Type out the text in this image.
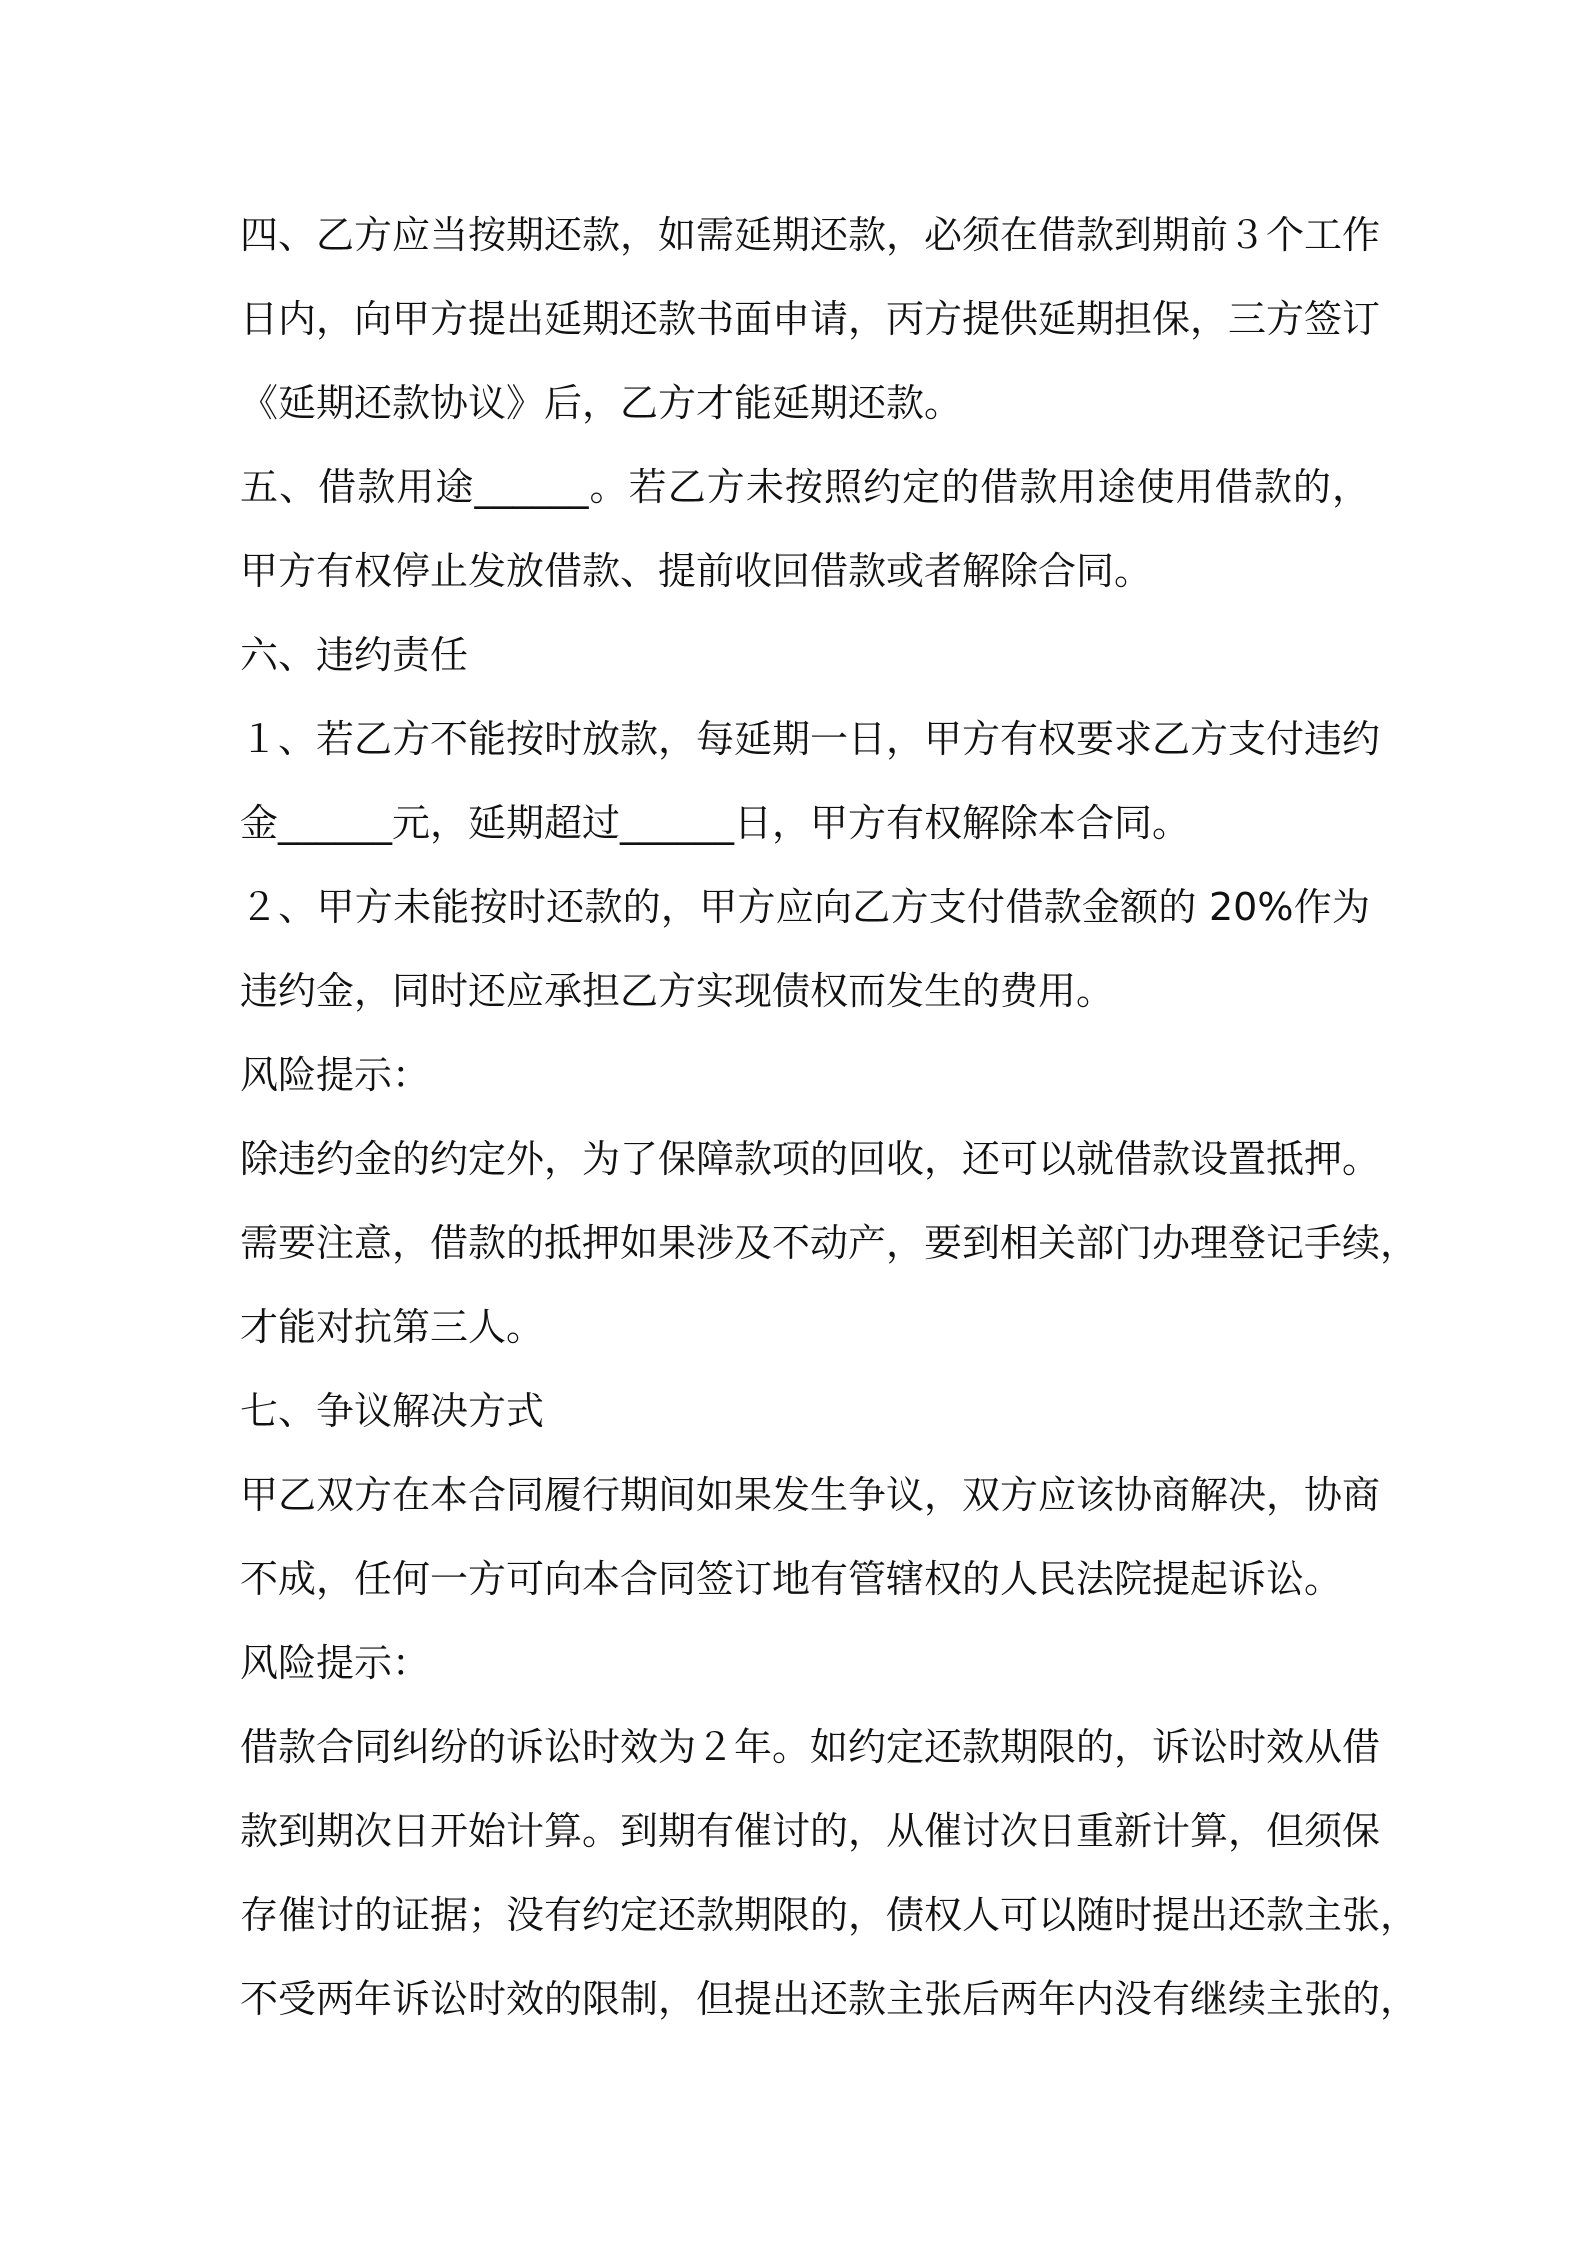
四、乙方应当按期还款，如需延期还款，必须在借款到期前３个工作
日内，向甲方提出延期还款书面申请，丙方提供延期担保，三方签订
《延期还款协议》后，乙方才能延期还款。
五、借款用途______。若乙方未按照约定的借款用途使用借款的，
甲方有权停止发放借款、提前收回借款或者解除合同。
六、违约责任
１、若乙方不能按时放款，每延期一日，甲方有权要求乙方支付违约
金______元，延期超过______日，甲方有权解除本合同。
２、甲方未能按时还款的，甲方应向乙方支付借款金额的 20%作为
违约金，同时还应承担乙方实现债权而发生的费用。
风险提示：
除违约金的约定外，为了保障款项的回收，还可以就借款设置抵押。
需要注意，借款的抵押如果涉及不动产，要到相关部门办理登记手续，
才能对抗第三人。
七、争议解决方式
甲乙双方在本合同履行期间如果发生争议，双方应该协商解决，协商
不成，任何一方可向本合同签订地有管辖权的人民法院提起诉讼。
风险提示：
借款合同纠纷的诉讼时效为２年。如约定还款期限的，诉讼时效从借
款到期次日开始计算。到期有催讨的，从催讨次日重新计算，但须保
存催讨的证据；没有约定还款期限的，债权人可以随时提出还款主张，
不受两年诉讼时效的限制，但提出还款主张后两年内没有继续主张的，
